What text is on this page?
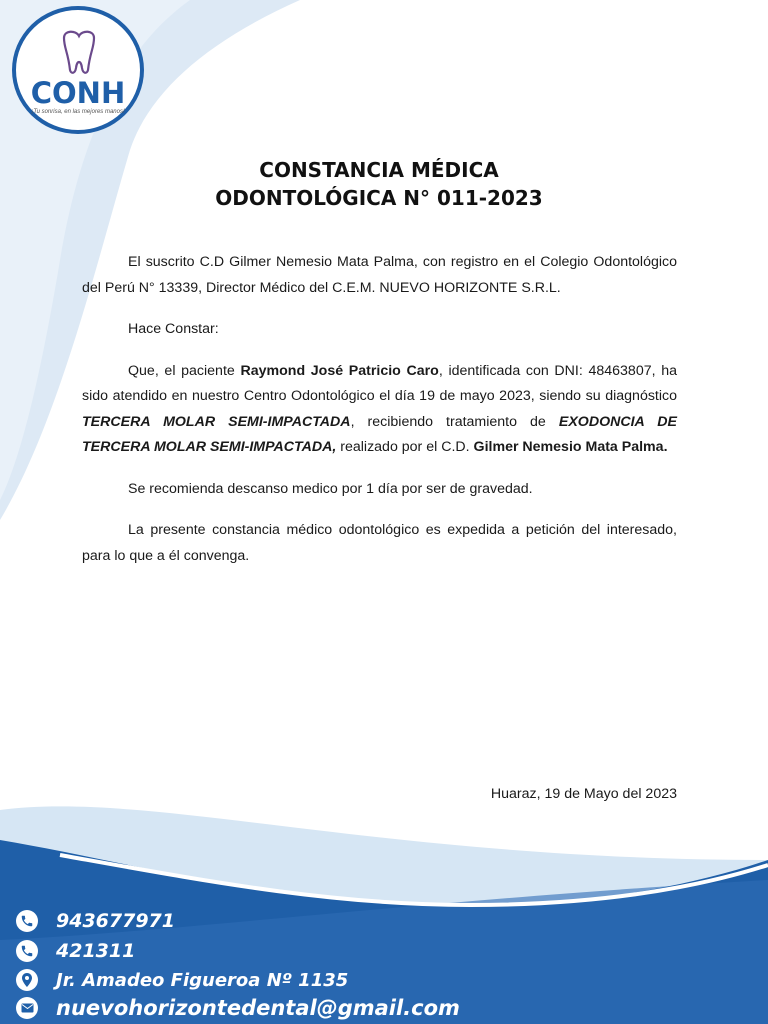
CONH
¡Tu sonrisa, en las mejores manos!
CONSTANCIA MÉDICA
ODONTOLÓGICA N° 011-2023

El suscrito C.D Gilmer Nemesio Mata Palma, con registro en el Colegio Odontológico del Perú N° 13339, Director Médico del C.E.M. NUEVO HORIZONTE S.R.L.

Hace Constar:

Que, el paciente Raymond José Patricio Caro, identificada con DNI: 48463807, ha sido atendido en nuestro Centro Odontológico el día 19 de mayo 2023, siendo su diagnóstico TERCERA MOLAR SEMI-IMPACTADA, recibiendo tratamiento de EXODONCIA DE TERCERA MOLAR SEMI-IMPACTADA, realizado por el C.D. Gilmer Nemesio Mata Palma.

Se recomienda descanso medico por 1 día por ser de gravedad.

La presente constancia médico odontológico es expedida a petición del interesado, para lo que a él convenga.

Huaraz, 19 de Mayo del 2023
943677971
421311
Jr. Amadeo Figueroa Nº 1135
nuevohorizontedental@gmail.com
